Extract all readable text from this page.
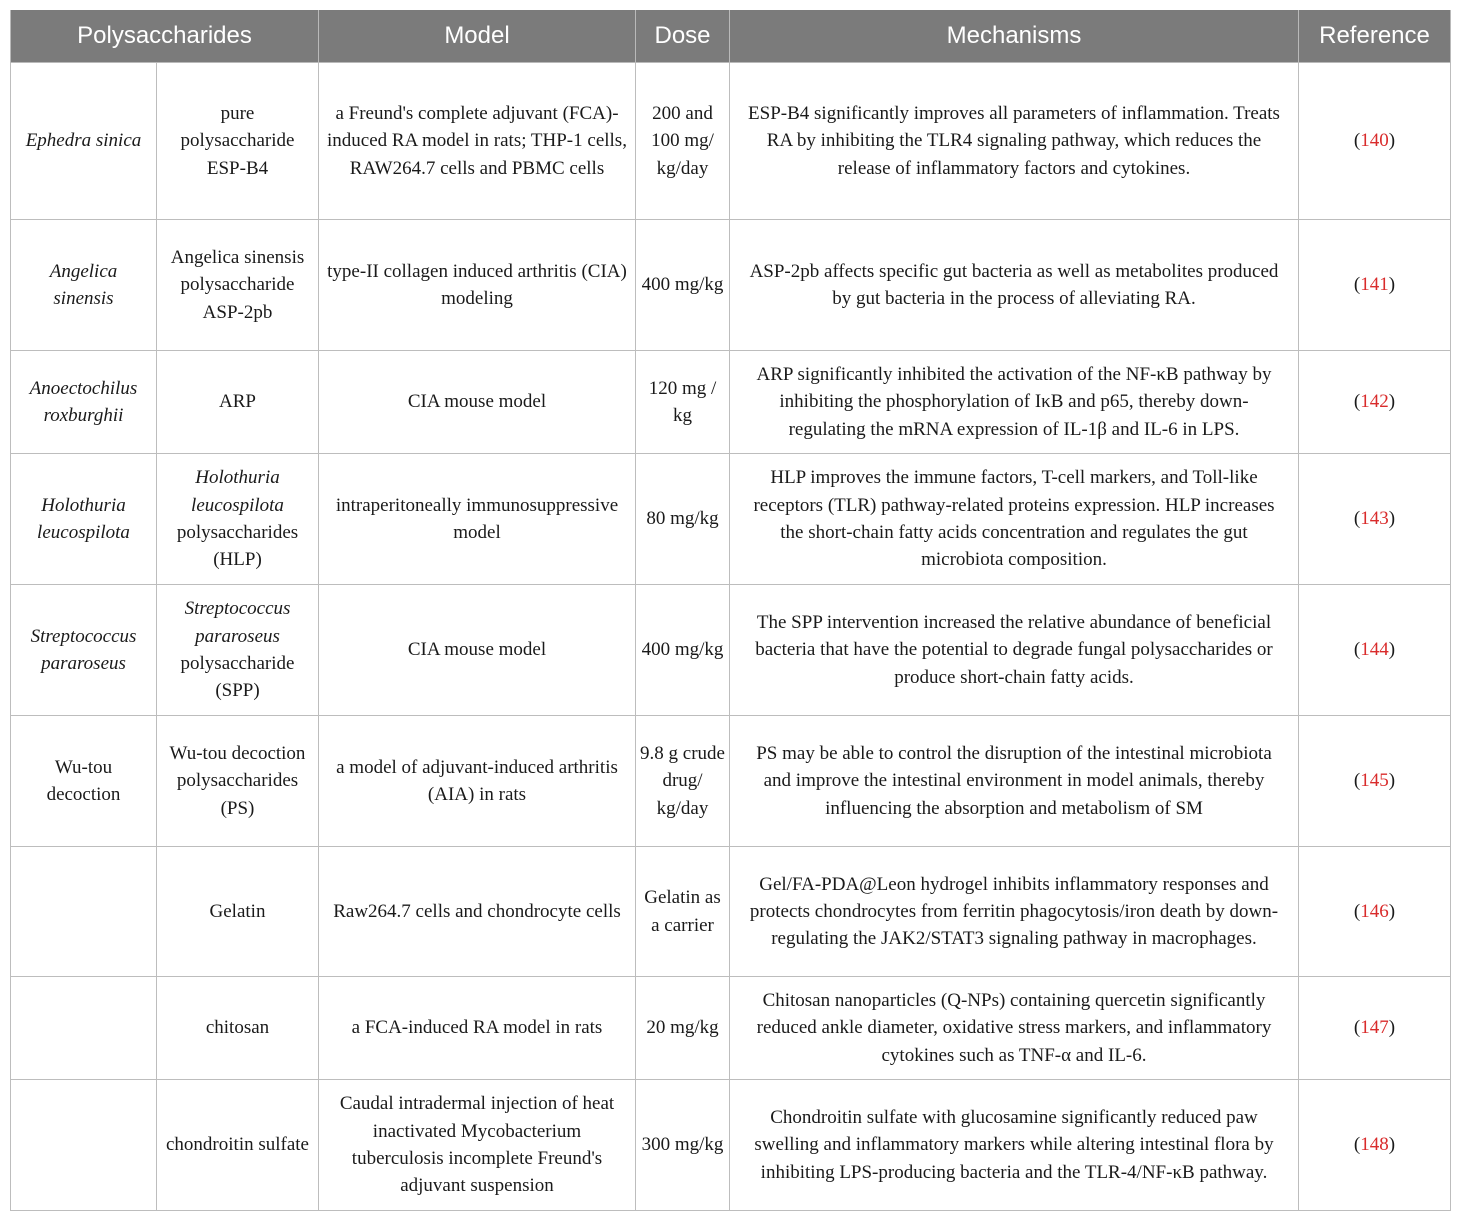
Polysaccharides		Model	Dose	Mechanisms	Reference
Ephedra sinica	pure polysaccharide ESP-B4	a Freund's complete adjuvant (FCA)-induced RA model in rats; THP-1 cells, RAW264.7 cells and PBMC cells	200 and 100 mg/ kg/day	ESP-B4 significantly improves all parameters of inflammation. Treats RA by inhibiting the TLR4 signaling pathway, which reduces the release of inflammatory factors and cytokines.	(140)
Angelica sinensis	Angelica sinensis polysaccharide ASP-2pb	type-II collagen induced arthritis (CIA) modeling	400 mg/kg	ASP-2pb affects specific gut bacteria as well as metabolites produced by gut bacteria in the process of alleviating RA.	(141)
Anoectochilus roxburghii	ARP	CIA mouse model	120 mg / kg	ARP significantly inhibited the activation of the NF-κB pathway by inhibiting the phosphorylation of IκB and p65, thereby down-regulating the mRNA expression of IL-1β and IL-6 in LPS.	(142)
Holothuria leucospilota	Holothuria leucospilota polysaccharides (HLP)	intraperitoneally immunosuppressive model	80 mg/kg	HLP improves the immune factors, T-cell markers, and Toll-like receptors (TLR) pathway-related proteins expression. HLP increases the short-chain fatty acids concentration and regulates the gut microbiota composition.	(143)
Streptococcus pararoseus	Streptococcus pararoseus polysaccharide (SPP)	CIA mouse model	400 mg/kg	The SPP intervention increased the relative abundance of beneficial bacteria that have the potential to degrade fungal polysaccharides or produce short-chain fatty acids.	(144)
Wu-tou decoction	Wu-tou decoction polysaccharides (PS)	a model of adjuvant-induced arthritis (AIA) in rats	9.8 g crude drug/ kg/day	PS may be able to control the disruption of the intestinal microbiota and improve the intestinal environment in model animals, thereby influencing the absorption and metabolism of SM	(145)
	Gelatin	Raw264.7 cells and chondrocyte cells	Gelatin as a carrier	Gel/FA-PDA@Leon hydrogel inhibits inflammatory responses and protects chondrocytes from ferritin phagocytosis/iron death by down-regulating the JAK2/STAT3 signaling pathway in macrophages.	(146)
	chitosan	a FCA-induced RA model in rats	20 mg/kg	Chitosan nanoparticles (Q-NPs) containing quercetin significantly reduced ankle diameter, oxidative stress markers, and inflammatory cytokines such as TNF-α and IL-6.	(147)
	chondroitin sulfate	Caudal intradermal injection of heat inactivated Mycobacterium tuberculosis incomplete Freund's adjuvant suspension	300 mg/kg	Chondroitin sulfate with glucosamine significantly reduced paw swelling and inflammatory markers while altering intestinal flora by inhibiting LPS-producing bacteria and the TLR-4/NF-κB pathway.	(148)
